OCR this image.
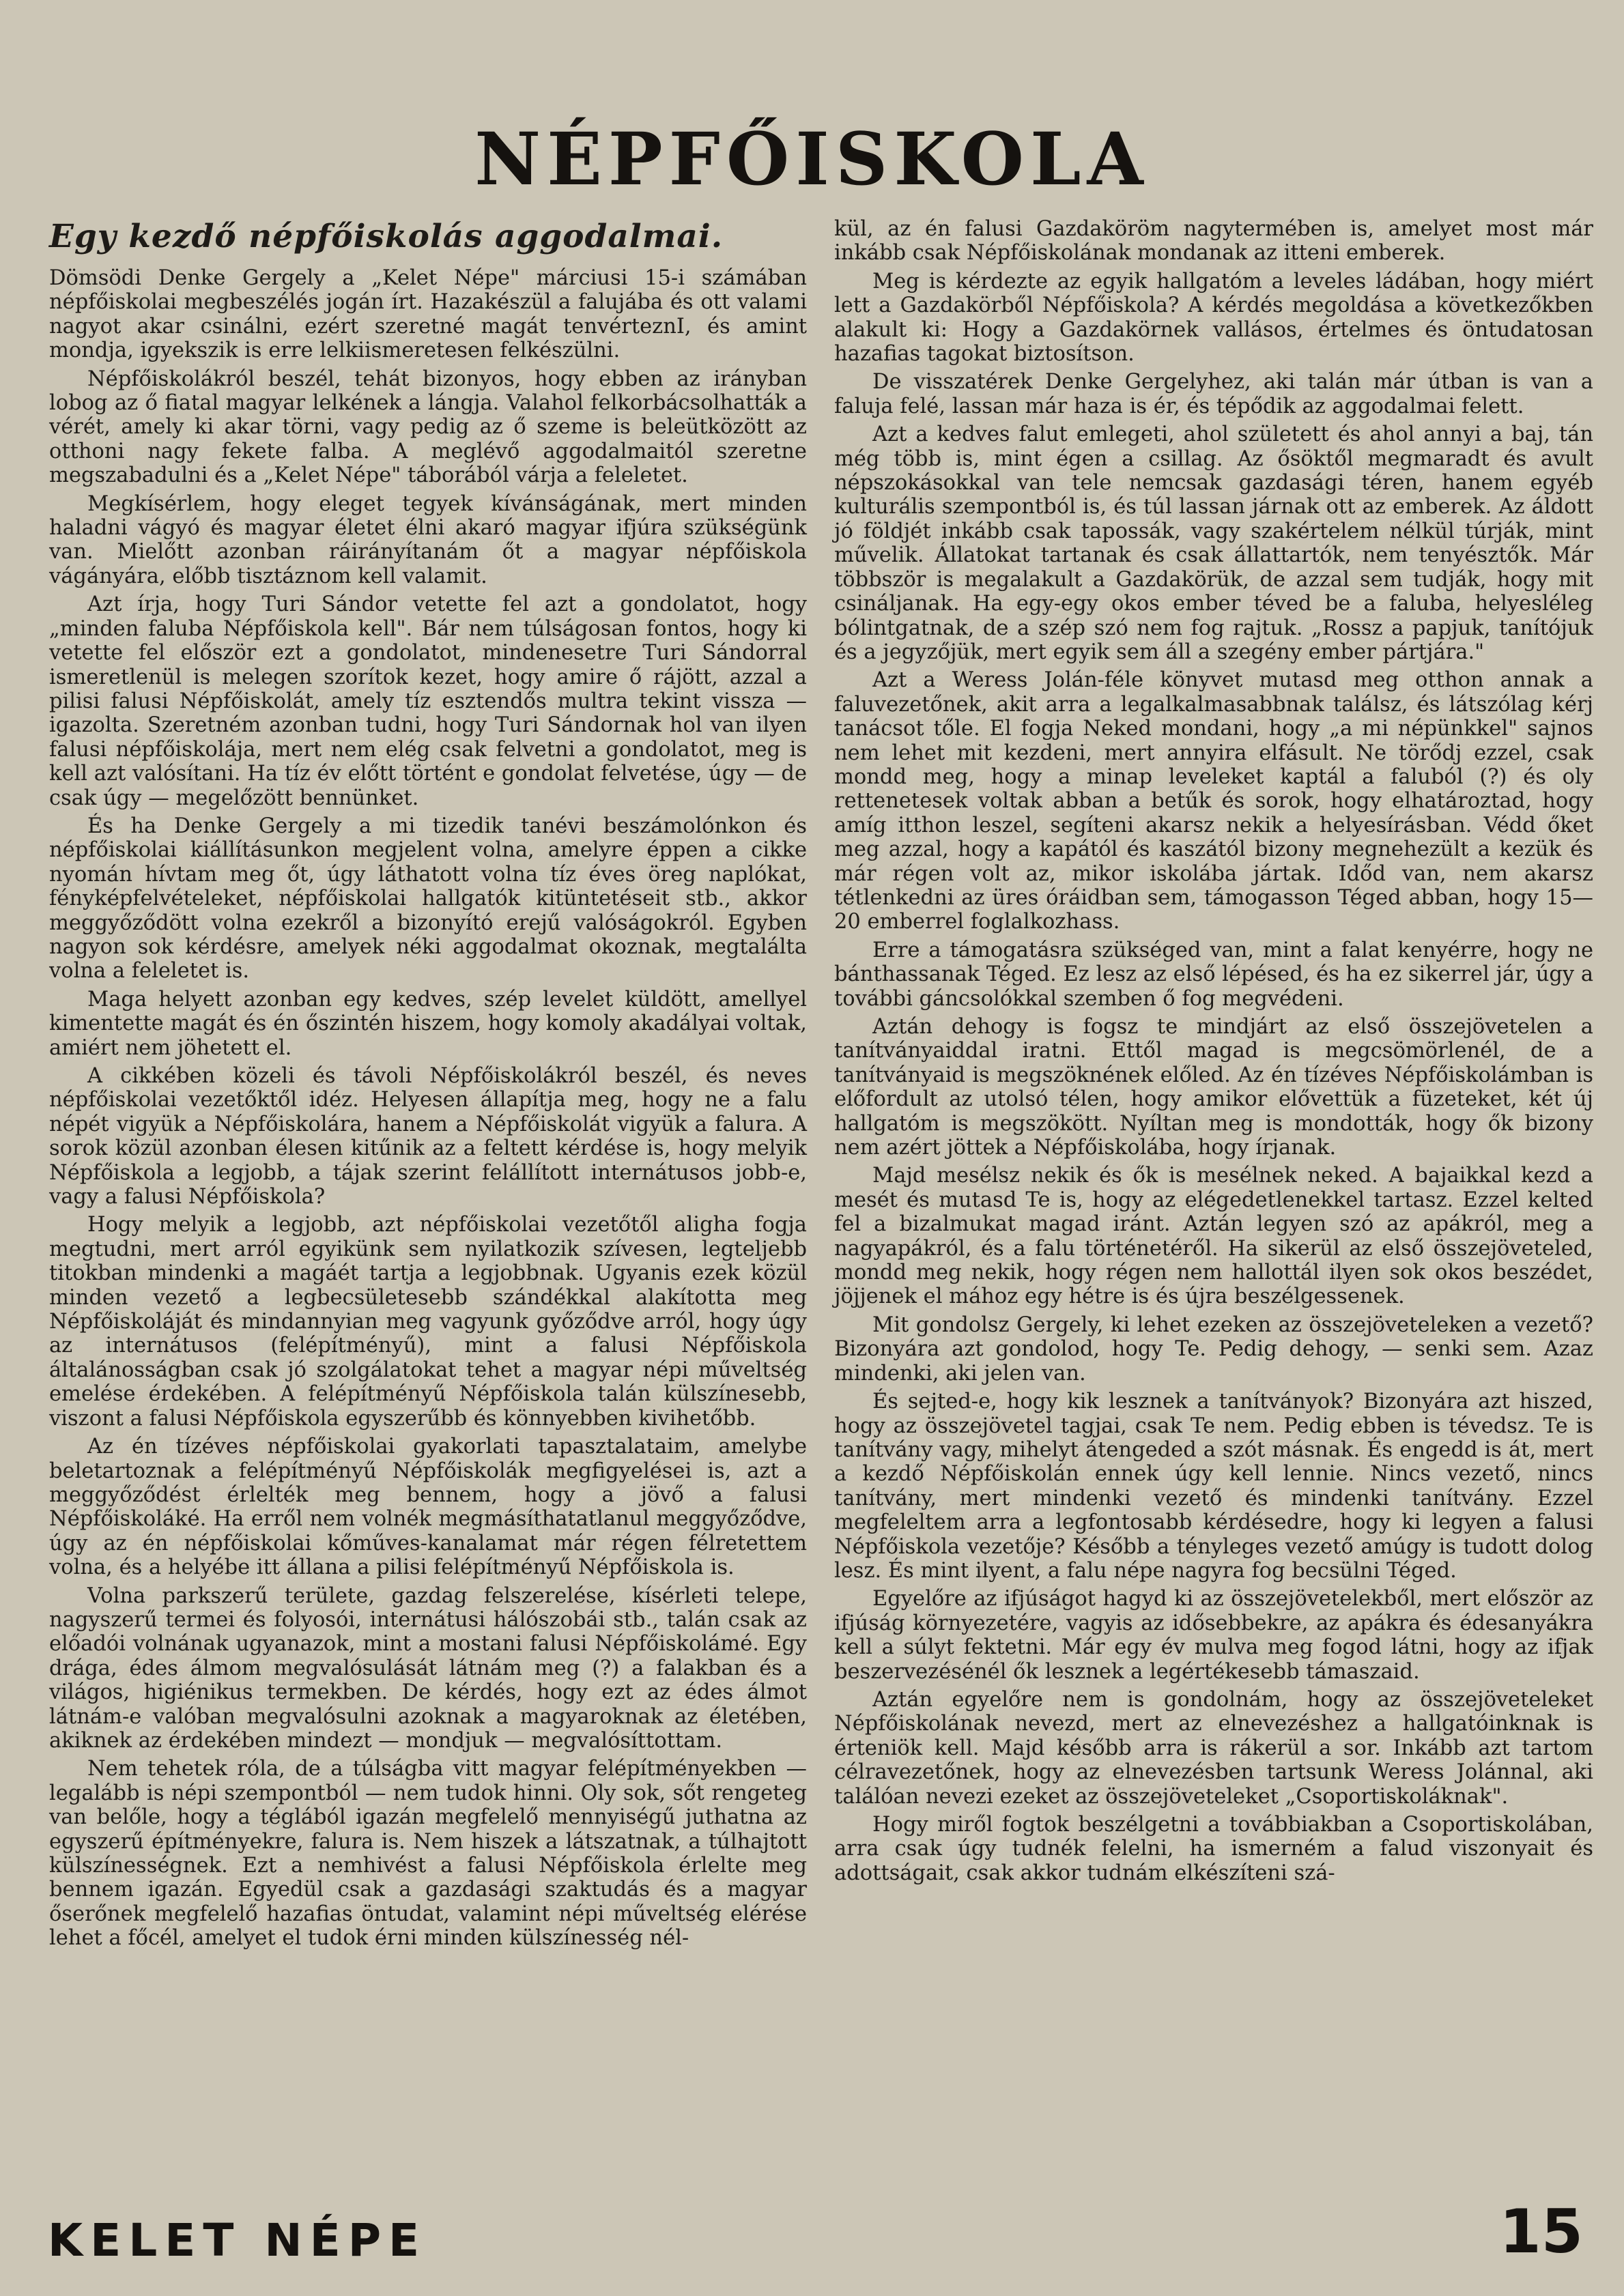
NÉPFŐISKOLA
Egy kezdő népfőiskolás aggodalmai.

Dömsödi Denke Gergely a „Kelet Népe" márciusi 15-i számában népfőiskolai megbeszélés jogán írt. Hazakészül a falujába és ott valami nagyot akar csinálni, ezért szeretné magát tenvérteznI, és amint mondja, igyekszik is erre lelkiismeretesen felkészülni.

Népfőiskolákról beszél, tehát bizonyos, hogy ebben az irányban lobog az ő fiatal magyar lelkének a lángja. Valahol felkorbácsolhatták a vérét, amely ki akar törni, vagy pedig az ő szeme is beleütközött az otthoni nagy fekete falba. A meglévő aggodalmaitól szeretne megszabadulni és a „Kelet Népe" táborából várja a feleletet.

Megkísérlem, hogy eleget tegyek kívánságának, mert minden haladni vágyó és magyar életet élni akaró magyar ifjúra szükségünk van. Mielőtt azonban ráirányítanám őt a magyar népfőiskola vágányára, előbb tisztáznom kell valamit.

Azt írja, hogy Turi Sándor vetette fel azt a gondolatot, hogy „minden faluba Népfőiskola kell". Bár nem túlságosan fontos, hogy ki vetette fel először ezt a gondolatot, mindenesetre Turi Sándorral ismeretlenül is melegen szorítok kezet, hogy amire ő rájött, azzal a pilisi falusi Népfőiskolát, amely tíz esztendős multra tekint vissza — igazolta. Szeretném azonban tudni, hogy Turi Sándornak hol van ilyen falusi népfőiskolája, mert nem elég csak felvetni a gondolatot, meg is kell azt valósítani. Ha tíz év előtt történt e gondolat felvetése, úgy — de csak úgy — megelőzött bennünket.

És ha Denke Gergely a mi tizedik tanévi beszámolónkon és népfőiskolai kiállításunkon megjelent volna, amelyre éppen a cikke nyomán hívtam meg őt, úgy láthatott volna tíz éves öreg naplókat, fényképfelvételeket, népfőiskolai hallgatók kitüntetéseit stb., akkor meggyőződött volna ezekről a bizonyító erejű valóságokról. Egyben nagyon sok kérdésre, amelyek néki aggodalmat okoznak, megtalálta volna a feleletet is.

Maga helyett azonban egy kedves, szép levelet küldött, amellyel kimentette magát és én őszintén hiszem, hogy komoly akadályai voltak, amiért nem jöhetett el.

A cikkében közeli és távoli Népfőiskolákról beszél, és neves népfőiskolai vezetőktől idéz. Helyesen állapítja meg, hogy ne a falu népét vigyük a Népfőiskolára, hanem a Népfőiskolát vigyük a falura. A sorok közül azonban élesen kitűnik az a feltett kérdése is, hogy melyik Népfőiskola a legjobb, a tájak szerint felállított internátusos jobb-e, vagy a falusi Népfőiskola?

Hogy melyik a legjobb, azt népfőiskolai vezetőtől aligha fogja megtudni, mert arról egyikünk sem nyilatkozik szívesen, legteljebb titokban mindenki a magáét tartja a legjobbnak. Ugyanis ezek közül minden vezető a legbecsületesebb szándékkal alakította meg Népfőiskoláját és mindannyian meg vagyunk győződve arról, hogy úgy az internátusos (felépítményű), mint a falusi Népfőiskola általánosságban csak jó szolgálatokat tehet a magyar népi műveltség emelése érdekében. A felépítményű Népfőiskola talán külszínesebb, viszont a falusi Népfőiskola egyszerűbb és könnyebben kivihetőbb.

Az én tízéves népfőiskolai gyakorlati tapasztalataim, amelybe beletartoznak a felépítményű Népfőiskolák megfigyelései is, azt a meggyőződést érlelték meg bennem, hogy a jövő a falusi Népfőiskoláké. Ha erről nem volnék megmásíthatatlanul meggyőződve, úgy az én népfőiskolai kőműves-kanalamat már régen félretettem volna, és a helyébe itt állana a pilisi felépítményű Népfőiskola is.

Volna parkszerű területe, gazdag felszerelése, kísérleti telepe, nagyszerű termei és folyosói, internátusi hálószobái stb., talán csak az előadói volnának ugyanazok, mint a mostani falusi Népfőiskolámé. Egy drága, édes álmom megvalósulását látnám meg (?) a falakban és a világos, higiénikus termekben. De kérdés, hogy ezt az édes álmot látnám-e valóban megvalósulni azoknak a magyaroknak az életében, akiknek az érdekében mindezt — mondjuk — megvalósíttottam.

Nem tehetek róla, de a túlságba vitt magyar felépítményekben — legalább is népi szempontból — nem tudok hinni. Oly sok, sőt rengeteg van belőle, hogy a téglából igazán megfelelő mennyiségű juthatna az egyszerű építményekre, falura is. Nem hiszek a látszatnak, a túlhajtott külszínességnek. Ezt a nemhivést a falusi Népfőiskola érlelte meg bennem igazán. Egyedül csak a gazdasági szaktudás és a magyar őserőnek megfelelő hazafias öntudat, valamint népi műveltség elérése lehet a főcél, amelyet el tudok érni minden külszínesség nél-

kül, az én falusi Gazdaköröm nagytermében is, amelyet most már inkább csak Népfőiskolának mondanak az itteni emberek.

Meg is kérdezte az egyik hallgatóm a leveles ládában, hogy miért lett a Gazdakörből Népfőiskola? A kérdés megoldása a következőkben alakult ki: Hogy a Gazdakörnek vallásos, értelmes és öntudatosan hazafias tagokat biztosítson.

De visszatérek Denke Gergelyhez, aki talán már útban is van a faluja felé, lassan már haza is ér, és tépődik az aggodalmai felett.

Azt a kedves falut emlegeti, ahol született és ahol annyi a baj, tán még több is, mint égen a csillag. Az ősöktől megmaradt és avult népszokásokkal van tele nemcsak gazdasági téren, hanem egyéb kulturális szempontból is, és túl lassan járnak ott az emberek. Az áldott jó földjét inkább csak tapossák, vagy szakértelem nélkül túrják, mint művelik. Állatokat tartanak és csak állattartók, nem tenyésztők. Már többször is megalakult a Gazdakörük, de azzal sem tudják, hogy mit csináljanak. Ha egy-egy okos ember téved be a faluba, helyesléleg bólintgatnak, de a szép szó nem fog rajtuk. „Rossz a papjuk, tanítójuk és a jegyzőjük, mert egyik sem áll a szegény ember pártjára."

Azt a Weress Jolán-féle könyvet mutasd meg otthon annak a faluvezetőnek, akit arra a legalkalmasabbnak találsz, és látszólag kérj tanácsot tőle. El fogja Neked mondani, hogy „a mi népünkkel" sajnos nem lehet mit kezdeni, mert annyira elfásult. Ne törődj ezzel, csak mondd meg, hogy a minap leveleket kaptál a faluból (?) és oly rettenetesek voltak abban a betűk és sorok, hogy elhatároztad, hogy amíg itthon leszel, segíteni akarsz nekik a helyesírásban. Védd őket meg azzal, hogy a kapától és kaszától bizony megnehezült a kezük és már régen volt az, mikor iskolába jártak. Időd van, nem akarsz tétlenkedni az üres óráidban sem, támogasson Téged abban, hogy 15—20 emberrel foglalkozhass.

Erre a támogatásra szükséged van, mint a falat kenyérre, hogy ne bánthassanak Téged. Ez lesz az első lépésed, és ha ez sikerrel jár, úgy a további gáncsolókkal szemben ő fog megvédeni.

Aztán dehogy is fogsz te mindjárt az első összejövetelen a tanítványaiddal iratni. Ettől magad is megcsömörlenél, de a tanítványaid is megszöknének előled. Az én tízéves Népfőiskolámban is előfordult az utolsó télen, hogy amikor elővettük a füzeteket, két új hallgatóm is megszökött. Nyíltan meg is mondották, hogy ők bizony nem azért jöttek a Népfőiskolába, hogy írjanak.

Majd mesélsz nekik és ők is mesélnek neked. A bajaikkal kezd a mesét és mutasd Te is, hogy az elégedetlenekkel tartasz. Ezzel kelted fel a bizalmukat magad iránt. Aztán legyen szó az apákról, meg a nagyapákról, és a falu történetéről. Ha sikerül az első összejöveteled, mondd meg nekik, hogy régen nem hallottál ilyen sok okos beszédet, jöjjenek el mához egy hétre is és újra beszélgessenek.

Mit gondolsz Gergely, ki lehet ezeken az összejöveteleken a vezető? Bizonyára azt gondolod, hogy Te. Pedig dehogy, — senki sem. Azaz mindenki, aki jelen van.

És sejted-e, hogy kik lesznek a tanítványok? Bizonyára azt hiszed, hogy az összejövetel tagjai, csak Te nem. Pedig ebben is tévedsz. Te is tanítvány vagy, mihelyt átengeded a szót másnak. És engedd is át, mert a kezdő Népfőiskolán ennek úgy kell lennie. Nincs vezető, nincs tanítvány, mert mindenki vezető és mindenki tanítvány. Ezzel megfeleltem arra a legfontosabb kérdésedre, hogy ki legyen a falusi Népfőiskola vezetője? Később a tényleges vezető amúgy is tudott dolog lesz. És mint ilyent, a falu népe nagyra fog becsülni Téged.

Egyelőre az ifjúságot hagyd ki az összejövetelekből, mert először az ifjúság környezetére, vagyis az idősebbekre, az apákra és édesanyákra kell a súlyt fektetni. Már egy év mulva meg fogod látni, hogy az ifjak beszervezésénél ők lesznek a legértékesebb támaszaid.

Aztán egyelőre nem is gondolnám, hogy az összejöveteleket Népfőiskolának nevezd, mert az elnevezéshez a hallgatóinknak is érteniök kell. Majd később arra is rákerül a sor. Inkább azt tartom célravezetőnek, hogy az elnevezésben tartsunk Weress Jolánnal, aki találóan nevezi ezeket az összejöveteleket „Csoportiskoláknak".

Hogy miről fogtok beszélgetni a továbbiakban a Csoportiskolában, arra csak úgy tudnék felelni, ha ismerném a falud viszonyait és adottságait, csak akkor tudnám elkészíteni szá-

KELET NÉPE	15
